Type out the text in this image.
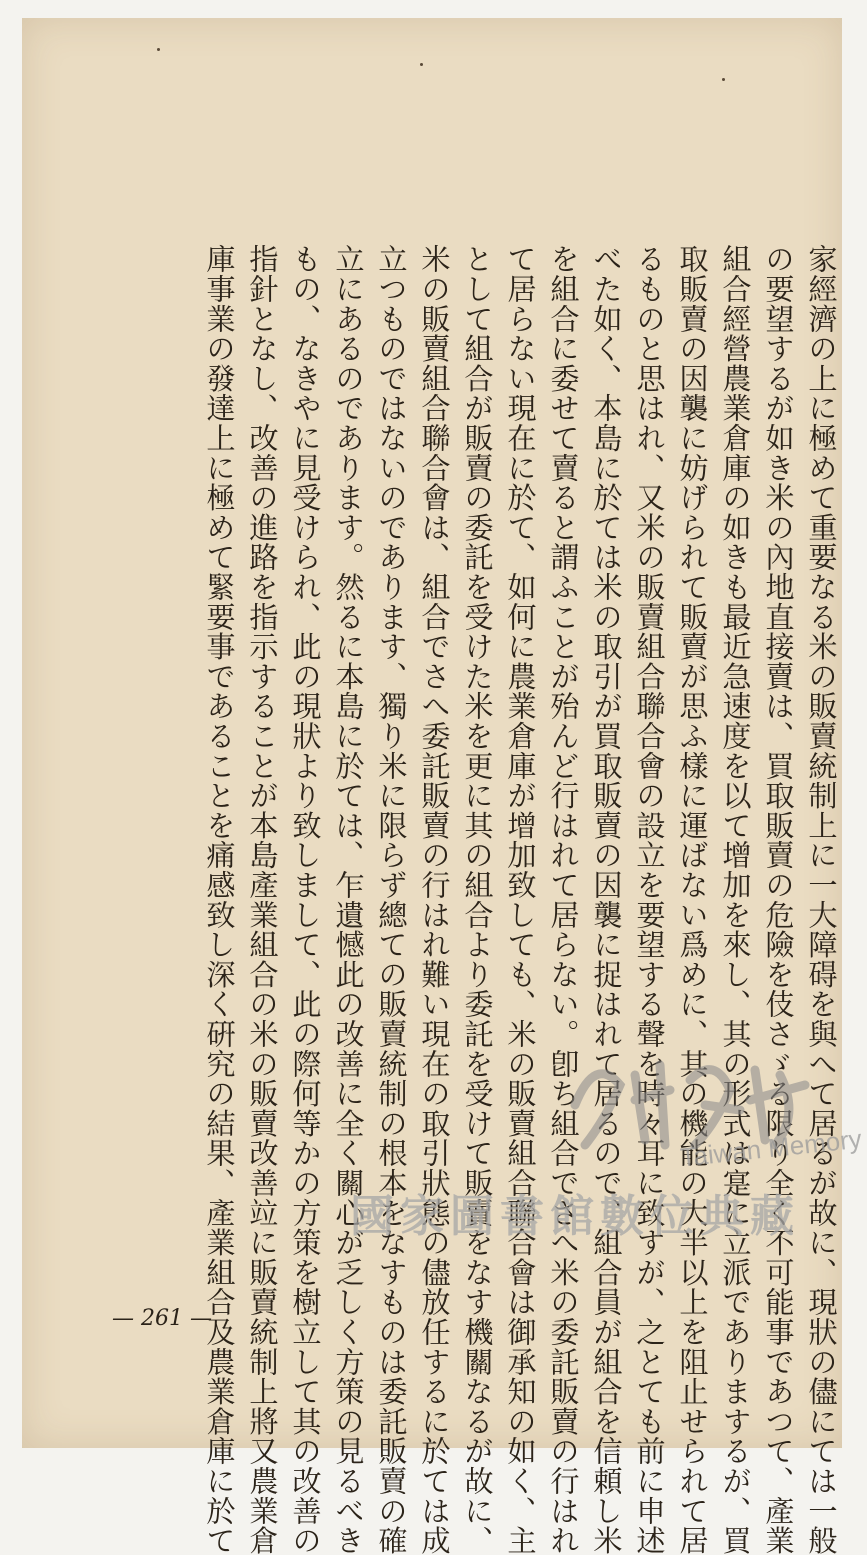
家經濟の上に極めて重要なる米の販賣統制上に一大障碍を與へて居るが故に、現狀の儘にては一般
の要望するが如き米の內地直接賣は、買取販賣の危險を伎さゞる限り全く不可能事であつて、產業
組合經營農業倉庫の如きも最近急速度を以て增加を來し、其の形式は寔に立派でありまするが、買
取販賣の因襲に妨げられて販賣が思ふ樣に運ばない爲めに、其の機能の大半以上を阻止せられて居
るものと思はれ、又米の販賣組合聯合會の設立を要望する聲を時々耳に致すが、之とても前に申述
べた如く、本島に於ては米の取引が買取販賣の因襲に捉はれて居るので、組合員が組合を信頼し米
を組合に委せて賣ると謂ふことが殆んど行はれて居らない。卽ち組合でさへ米の委託販賣の行はれ
て居らない現在に於て、如何に農業倉庫が增加致しても、米の販賣組合聯合會は御承知の如く、主
として組合が販賣の委託を受けた米を更に其の組合より委託を受けて販賣をなす機關なるが故に、
米の販賣組合聯合會は、組合でさへ委託販賣の行はれ難い現在の取引狀態の儘放任するに於ては成
立つものではないのであります、獨り米に限らず總ての販賣統制の根本をなすものは委託販賣の確
立にあるのであります。然るに本島に於ては、乍遺憾此の改善に全く關心が乏しく方策の見るべき
もの、なきやに見受けられ、此の現狀より致しまして、此の際何等かの方策を樹立して其の改善の
指針となし、改善の進路を指示することが本島產業組合の米の販賣改善竝に販賣統制上將又農業倉
庫事業の發達上に極めて緊要事であることを痛感致し深く硏究の結果、產業組合及農業倉庫に於て
— 261 —
Taiwan Memory
國家圖書館數位典藏
